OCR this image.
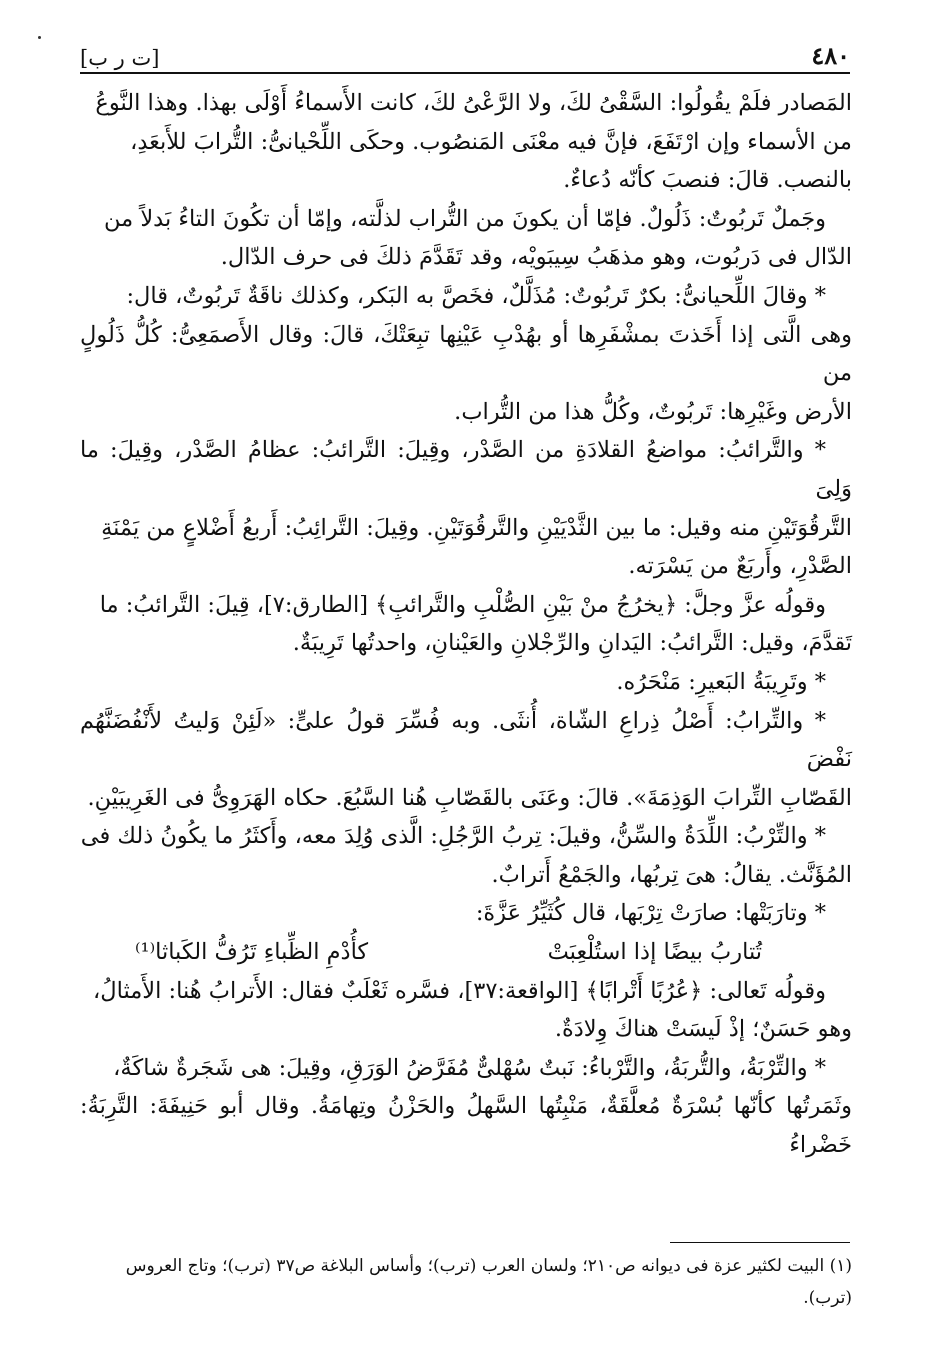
[ت ر ب]	٤٨٠

المَصادر فلَمْ يقُولُوا: السَّقْىُ لكَ، ولا الرَّعْىُ لكَ، كانت الأَسماءُ أَوْلَى بهذا. وهذا النَّوعُ

من الأسماء وإن ارْتَفَعَ، فإنَّ فيه معْنَى المَنصُوب. وحكَى اللِّحْيانىُّ: التُّرابَ للأَبعَدِ،

بالنصب. قالَ: فنصبَ كأنّه دُعاءٌ.

وجَملٌ تَربُوتٌ: ذَلُولٌ. فإمّا أن يكونَ من التُّراب لذلَّته، وإمّا أن تكُونَ التاءُ بَدلاً من

الدّال فى دَربُوت، وهو مذهَبُ سِيبَويْه، وقد تَقَدَّمَ ذلكَ فى حرف الدّال.

* وقالَ اللِّحيانىُّ: بكرٌ تَربُوتٌ: مُذَلَّلٌ، فخَصَّ به البَكر، وكذلك ناقَةٌ تَربُوتٌ، قال:

وهى الَّتى إذا أَخَذتَ بمشْفَرِها أو بهُدْبِ عَيْنِها تبِعَتْكَ، قالَ: وقال الأَصمَعِىُّ: كُلُّ ذَلُولٍ من

الأرض وغَيْرِها: تَربُوتٌ، وكُلُّ هذا من التُّراب.

* والتَّرائبُ: مواضعُ القلادَةِ من الصَّدْر، وقِيلَ: التَّرائبُ: عظامُ الصَّدْر، وقِيلَ: ما وَلِىَ

التَّرقُوَتَيْنِ منه وقيل: ما بين الثَّدْيَيْنِ والتَّرقُوَتَيْنِ. وقِيلَ: التَّرائِبُ: أَربعُ أَضْلاعٍ من يَمْنَةِ

الصَّدْرِ، وأَربَعٌ من يَسْرَته.

وقولُه عزَّ وجلَّ: ﴿يخرُجُ منْ بَيْنِ الصُّلْبِ والتَّرائبِ﴾ [الطارق:٧]، قِيلَ: التَّرائبُ: ما

تَقدَّمَ، وقيل: التَّرائبُ: اليَدانِ والرِّجْلانِ والعَيْنانِ، واحدتُها تَرِيبَةٌ.

* وتَرِيبَةُ البَعيرِ: مَنْحَرُه.

* والتِّرابُ: أَصْلُ ذِراعِ الشّاة، أُنثَى. وبه فُسِّرَ قولُ علىٍّ: «لَئِنْ وَليتُ لأَنْفُضَنَّهُم نَفْضَ

القَصّابِ التِّرابَ الوَذِمَةَ». قالَ: وعَنَى بالقَصّابِ هُنا السَّبُعَ. حكاه الهَرَوِىُّ فى الغَرِيبَيْنِ.

* والتِّرْبُ: اللِّدَةُ والسِّنُّ، وقيلَ: تِربُ الرَّجُلِ: الَّذى وُلِدَ معه، وأَكثَرُ ما يكُونُ ذلك فى

المُؤَنَّث. يقالُ: هىَ تِربُها، والجَمْعُ أَترابٌ.

* وتارَبَتْها: صارَتْ تِرْبَها، قال كُثَيِّرُ عَزَّةَ:

تُتاربُ بيضًا إذا استُلْعِبَتْ
كأُدْمِ الظِّباءِ تَرُفُّ الكَباثا⁽¹⁾

وقولُه تَعالى: ﴿عُرُبًا أَتْرابًا﴾ [الواقعة:٣٧]، فسَّره ثَعْلَبٌ فقال: الأَترابُ هُنا: الأَمثالُ،

وهو حَسَنٌ؛ إذْ لَيسَتْ هناكَ وِلادَةٌ.

* والتِّرْبَةُ، والتُّربَةُ، والتَّرْباءُ: نَبتٌ سُهْلىٌّ مُفَرَّضُ الوَرَقِ، وقِيلَ: هى شَجَرةٌ شاكَةٌ،

وثَمَرتُها كأنّها بُسْرَةٌ مُعلَّقَةٌ، مَنْبِتُها السَّهلُ والحَزْنُ وتِهامَةُ. وقال أبو حَنِيفَةَ: التَّرِبَةُ: خَضْراءُ

(١) البيت لكثير عزة فى ديوانه ص٢١٠؛ ولسان العرب (ترب)؛ وأساس البلاغة ص٣٧ (ترب)؛ وتاج العروس

(ترب).
